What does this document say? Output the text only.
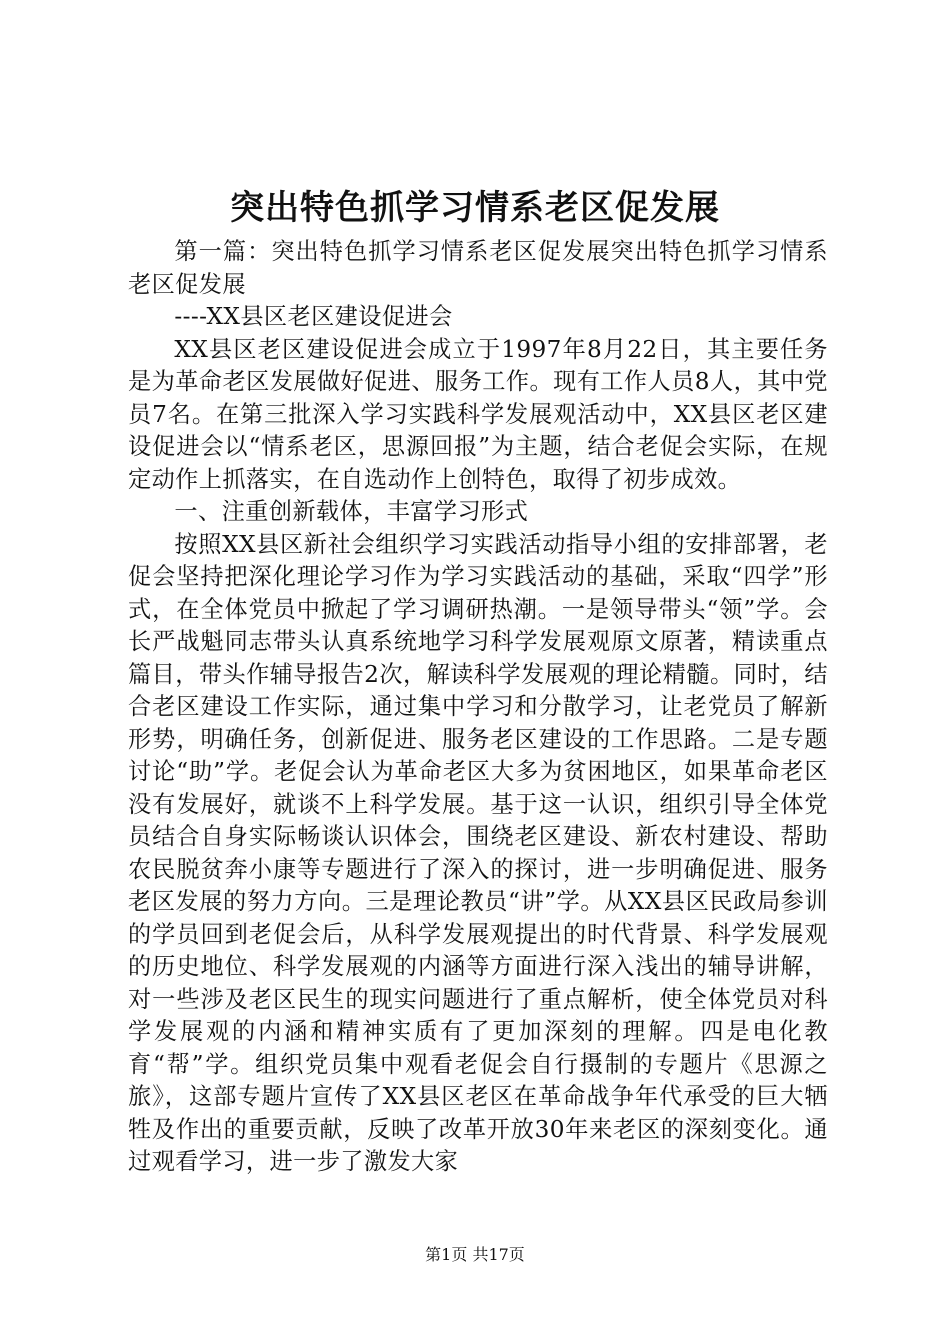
突出特色抓学习情系老区促发展

第一篇：突出特色抓学习情系老区促发展突出特色抓学习情系老区促发展

----XX县区老区建设促进会

XX县区老区建设促进会成立于1997年8月22日，其主要任务是为革命老区发展做好促进、服务工作。现有工作人员8人，其中党员7名。在第三批深入学习实践科学发展观活动中，XX县区老区建设促进会以“情系老区，思源回报”为主题，结合老促会实际，在规定动作上抓落实，在自选动作上创特色，取得了初步成效。

一、注重创新载体，丰富学习形式

按照XX县区新社会组织学习实践活动指导小组的安排部署，老促会坚持把深化理论学习作为学习实践活动的基础，采取“四学”形式，在全体党员中掀起了学习调研热潮。一是领导带头“领”学。会长严战魁同志带头认真系统地学习科学发展观原文原著，精读重点篇目，带头作辅导报告2次，解读科学发展观的理论精髓。同时，结合老区建设工作实际，通过集中学习和分散学习，让老党员了解新形势，明确任务，创新促进、服务老区建设的工作思路。二是专题讨论“助”学。老促会认为革命老区大多为贫困地区，如果革命老区没有发展好，就谈不上科学发展。基于这一认识，组织引导全体党员结合自身实际畅谈认识体会，围绕老区建设、新农村建设、帮助农民脱贫奔小康等专题进行了深入的探讨，进一步明确促进、服务老区发展的努力方向。三是理论教员“讲”学。从XX县区民政局参训的学员回到老促会后，从科学发展观提出的时代背景、科学发展观的历史地位、科学发展观的内涵等方面进行深入浅出的辅导讲解，对一些涉及老区民生的现实问题进行了重点解析，使全体党员对科学发展观的内涵和精神实质有了更加深刻的理解。四是电化教育“帮”学。组织党员集中观看老促会自行摄制的专题片《思源之旅》，这部专题片宣传了XX县区老区在革命战争年代承受的巨大牺牲及作出的重要贡献，反映了改革开放30年来老区的深刻变化。通过观看学习，进一步了激发大家

第1页 共17页
